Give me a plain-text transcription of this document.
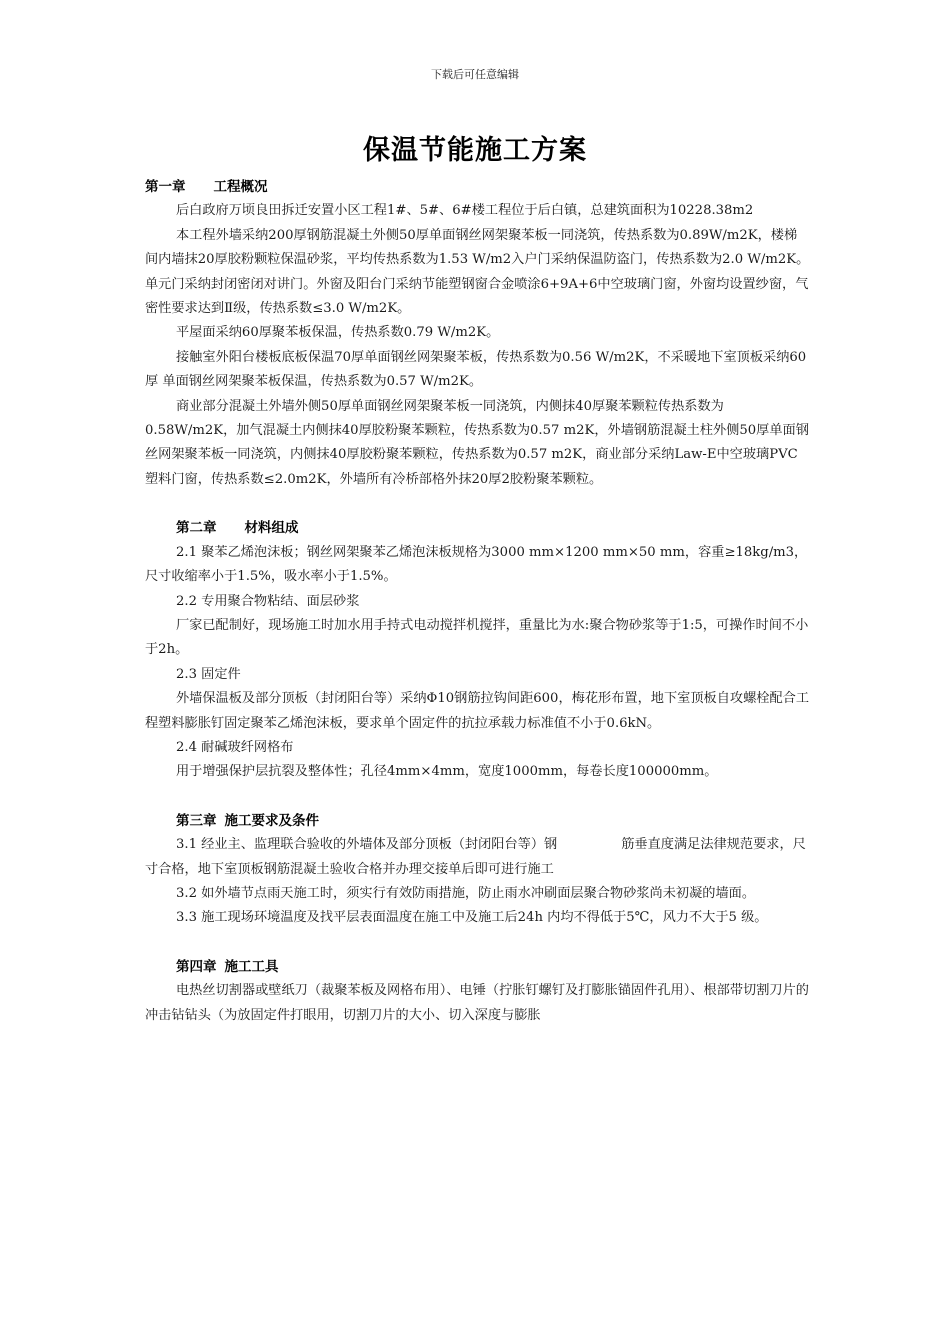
下载后可任意编辑
保温节能施工方案

第一章 工程概况

后白政府万顷良田拆迁安置小区工程1#、5#、6#楼工程位于后白镇，总建筑面积为10228.38m2

本工程外墙采纳200厚钢筋混凝土外侧50厚单面钢丝网架聚苯板一同浇筑，传热系数为0.89W/m2K，楼梯间内墙抹20厚胶粉颗粒保温砂浆，平均传热系数为1.53 W/m2入户门采纳保温防盗门，传热系数为2.0 W/m2K。单元门采纳封闭密闭对讲门。外窗及阳台门采纳节能塑钢窗合金喷涂6+9A+6中空玻璃门窗，外窗均设置纱窗，气密性要求达到Ⅱ级，传热系数≤3.0 W/m2K。

平屋面采纳60厚聚苯板保温，传热系数0.79 W/m2K。

接触室外阳台楼板底板保温70厚单面钢丝网架聚苯板，传热系数为0.56 W/m2K，不采暖地下室顶板采纳60厚 单面钢丝网架聚苯板保温，传热系数为0.57 W/m2K。

商业部分混凝土外墙外侧50厚单面钢丝网架聚苯板一同浇筑，内侧抹40厚聚苯颗粒传热系数为0.58W/m2K，加气混凝土内侧抹40厚胶粉聚苯颗粒，传热系数为0.57 m2K，外墙钢筋混凝土柱外侧50厚单面钢丝网架聚苯板一同浇筑，内侧抹40厚胶粉聚苯颗粒，传热系数为0.57 m2K，商业部分采纳Law-E中空玻璃PVC塑料门窗，传热系数≤2.0m2K，外墙所有冷桥部格外抹20厚2胶粉聚苯颗粒。

第二章 材料组成

2.1 聚苯乙烯泡沫板；钢丝网架聚苯乙烯泡沫板规格为3000 mm×1200 mm×50 mm，容重≥18kg/m3，尺寸收缩率小于1.5%，吸水率小于1.5%。

2.2 专用聚合物粘结、面层砂浆

厂家已配制好，现场施工时加水用手持式电动搅拌机搅拌，重量比为水:聚合物砂浆等于1:5，可操作时间不小于2h。

2.3 固定件

外墙保温板及部分顶板（封闭阳台等）采纳Φ10钢筋拉钩间距600，梅花形布置，地下室顶板自攻螺栓配合工程塑料膨胀钉固定聚苯乙烯泡沫板，要求单个固定件的抗拉承载力标准值不小于0.6kN。

2.4 耐碱玻纤网格布

用于增强保护层抗裂及整体性；孔径4mm×4mm，宽度1000mm，每卷长度100000mm。

第三章 施工要求及条件

3.1 经业主、监理联合验收的外墙体及部分顶板（封闭阳台等）钢	筋垂直度满足法律规范要求，尺寸合格，地下室顶板钢筋混凝土验收合格并办理交接单后即可进行施工

3.2 如外墙节点雨天施工时，须实行有效防雨措施，防止雨水冲刷面层聚合物砂浆尚未初凝的墙面。

3.3 施工现场环境温度及找平层表面温度在施工中及施工后24h 内均不得低于5℃，风力不大于5 级。

第四章 施工工具

电热丝切割器或壁纸刀（裁聚苯板及网格布用）、电锤（拧胀钉螺钉及打膨胀锚固件孔用）、根部带切割刀片的冲击钻钻头（为放固定件打眼用，切割刀片的大小、切入深度与膨胀
